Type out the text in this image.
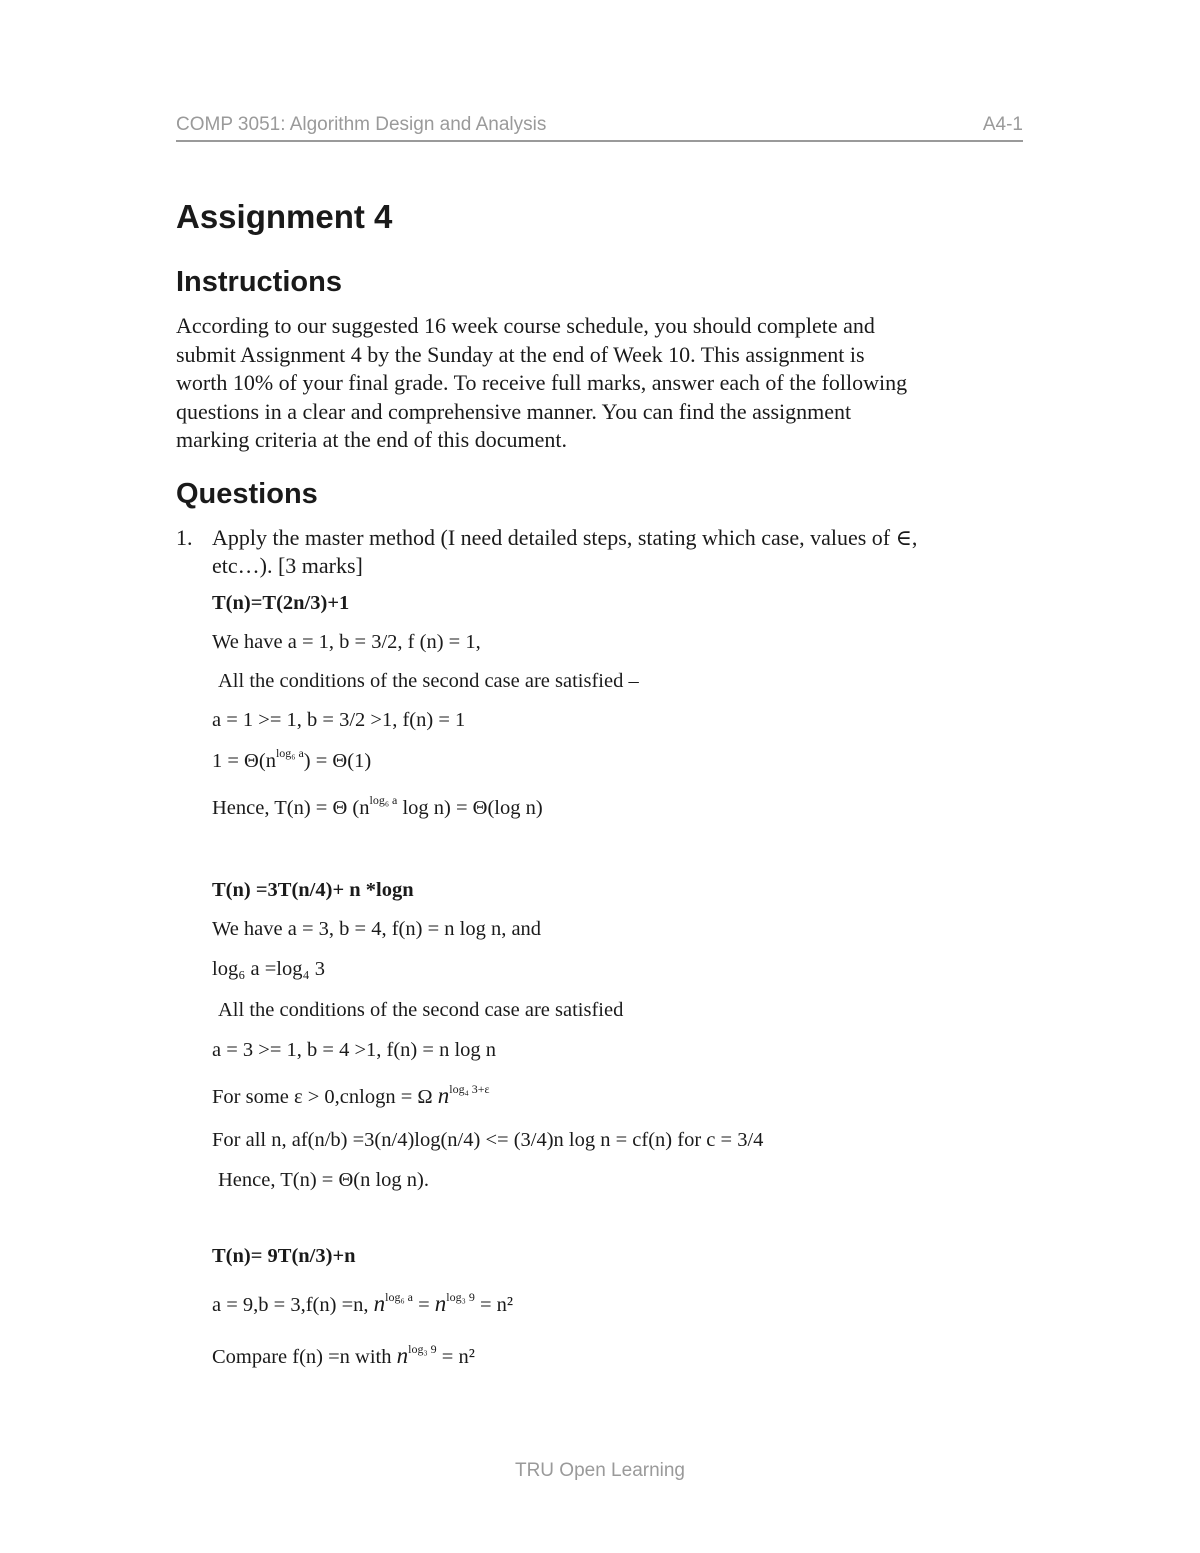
COMP 3051: Algorithm Design and Analysis	A4-1
Assignment 4
Instructions
According to our suggested 16 week course schedule, you should complete and
submit Assignment 4 by the Sunday at the end of Week 10. This assignment is
worth 10% of your final grade. To receive full marks, answer each of the following
questions in a clear and comprehensive manner. You can find the assignment
marking criteria at the end of this document.
Questions
1. Apply the master method (I need detailed steps, stating which case, values of ∈,
etc…). [3 marks]
T(n)=T(2n/3)+1
We have a = 1, b = 3/2, f (n) = 1,
All the conditions of the second case are satisfied –
a = 1 >= 1, b = 3/2 >1, f(n) = 1
$1 = \Theta(n^{log_6 a}) = \Theta(1)$
Hence, T(n) = Θ ($n^{log_6 a}$ log n) = Θ(log n)
T(n) =3T(n/4)+ n *logn
We have a = 3, b = 4, f(n) = n log n, and
log₆ a =log₄ 3
All the conditions of the second case are satisfied
a = 3 >= 1, b = 4 >1, f(n) = n log n
For some ε > 0,cnlogn = Ω $n^{log_4 3+\varepsilon}$
For all n, af(n/b) =3(n/4)log(n/4) <= (3/4)n log n = cf(n) for c = 3/4
Hence, T(n) = Θ(n log n).
T(n)= 9T(n/3)+n
a = 9,b = 3,f(n) =n, $n^{log_6 a} = n^{log_3 9} = n^2$
Compare f(n) =n with $n^{log_3 9} = n^2$
TRU Open Learning
